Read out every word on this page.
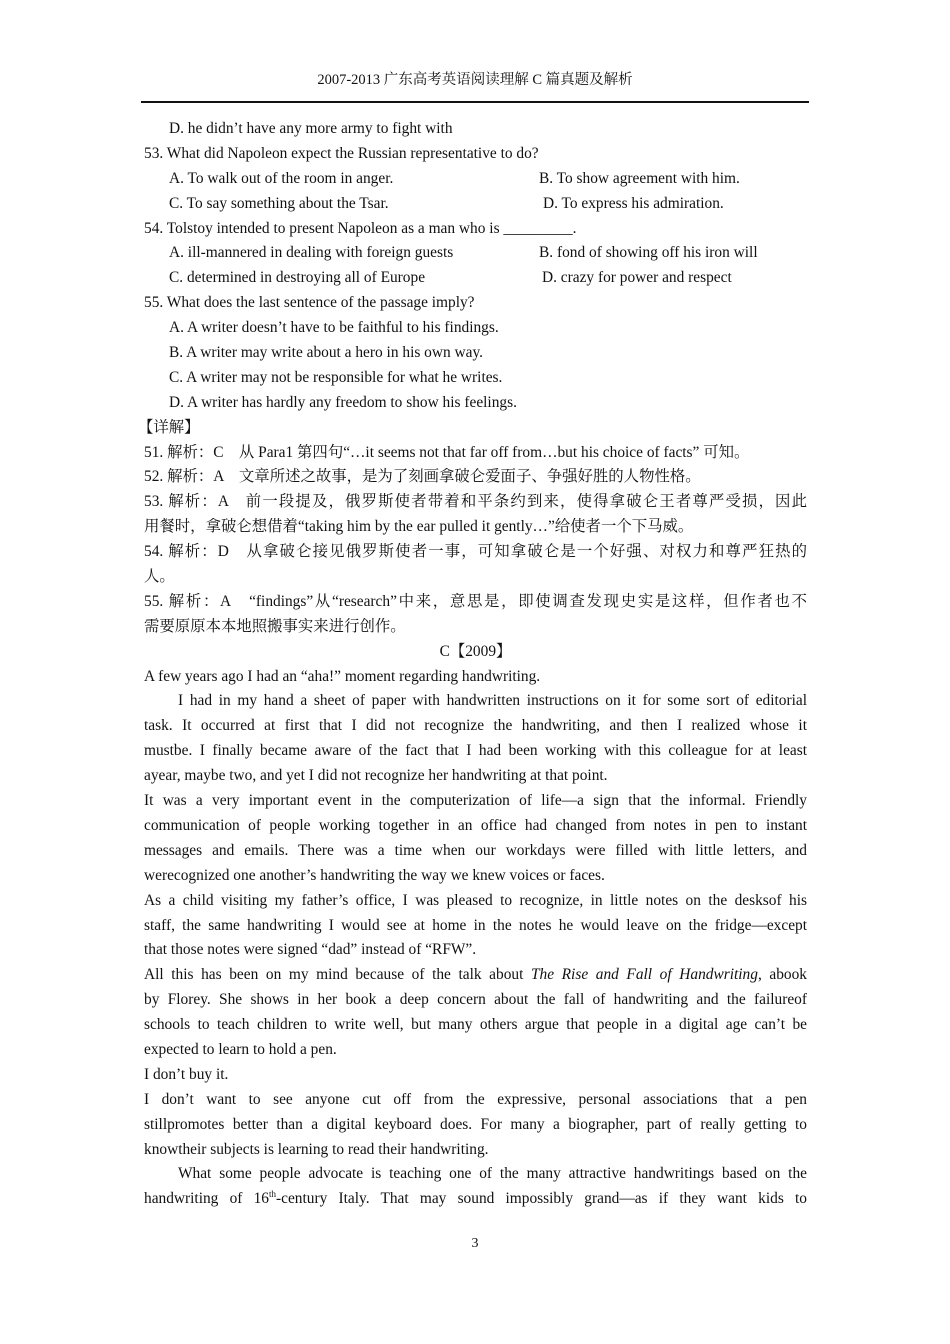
2007-2013 广东高考英语阅读理解 C 篇真题及解析
D. he didn’t have any more army to fight with
53. What did Napoleon expect the Russian representative to do?
A. To walk out of the room in anger.	B. To show agreement with him.
C. To say something about the Tsar.	D. To express his admiration.
54. Tolstoy intended to present Napoleon as a man who is _________.
A. ill-mannered in dealing with foreign guests	B. fond of showing off his iron will
C. determined in destroying all of Europe	D. crazy for power and respect
55. What does the last sentence of the passage imply?
A. A writer doesn’t have to be faithful to his findings.
B. A writer may write about a hero in his own way.
C. A writer may not be responsible for what he writes.
D. A writer has hardly any freedom to show his feelings.
【详解】
51. 解析：C　从 Para1 第四句“…it seems not that far off from…but his choice of facts” 可知。
52. 解析：A　文章所述之故事，是为了刻画拿破仑爱面子、争强好胜的人物性格。
53. 解析：A　前一段提及，俄罗斯使者带着和平条约到来，使得拿破仑王者尊严受损，因此
用餐时，拿破仑想借着“taking him by the ear pulled it gently…”给使者一个下马威。
54. 解析：D　从拿破仑接见俄罗斯使者一事，可知拿破仑是一个好强、对权力和尊严狂热的
人。
55. 解析：A　“findings”从“research”中来，意思是，即使调查发现史实是这样，但作者也不
需要原原本本地照搬事实来进行创作。
C【2009】
A few years ago I had an “aha!” moment regarding handwriting.
I had in my hand a sheet of paper with handwritten instructions on it for some sort of editorial
task. It occurred at first that I did not recognize the handwriting, and then I realized whose it
mustbe. I finally became aware of the fact that I had been working with this colleague for at least
ayear, maybe two, and yet I did not recognize her handwriting at that point.
It was a very important event in the computerization of life—a sign that the informal. Friendly
communication of people working together in an office had changed from notes in pen to instant
messages and emails. There was a time when our workdays were filled with little letters, and
werecognized one another’s handwriting the way we knew voices or faces.
As a child visiting my father’s office, I was pleased to recognize, in little notes on the desksof his
staff, the same handwriting I would see at home in the notes he would leave on the fridge—except
that those notes were signed “dad” instead of “RFW”.
All this has been on my mind because of the talk about The Rise and Fall of Handwriting, abook
by Florey. She shows in her book a deep concern about the fall of handwriting and the failureof
schools to teach children to write well, but many others argue that people in a digital age can’t be
expected to learn to hold a pen.
I don’t buy it.
I don’t want to see anyone cut off from the expressive, personal associations that a pen
stillpromotes better than a digital keyboard does. For many a biographer, part of really getting to
knowtheir subjects is learning to read their handwriting.
What some people advocate is teaching one of the many attractive handwritings based on the
handwriting of 16th-century Italy. That may sound impossibly grand—as if they want kids to
3
